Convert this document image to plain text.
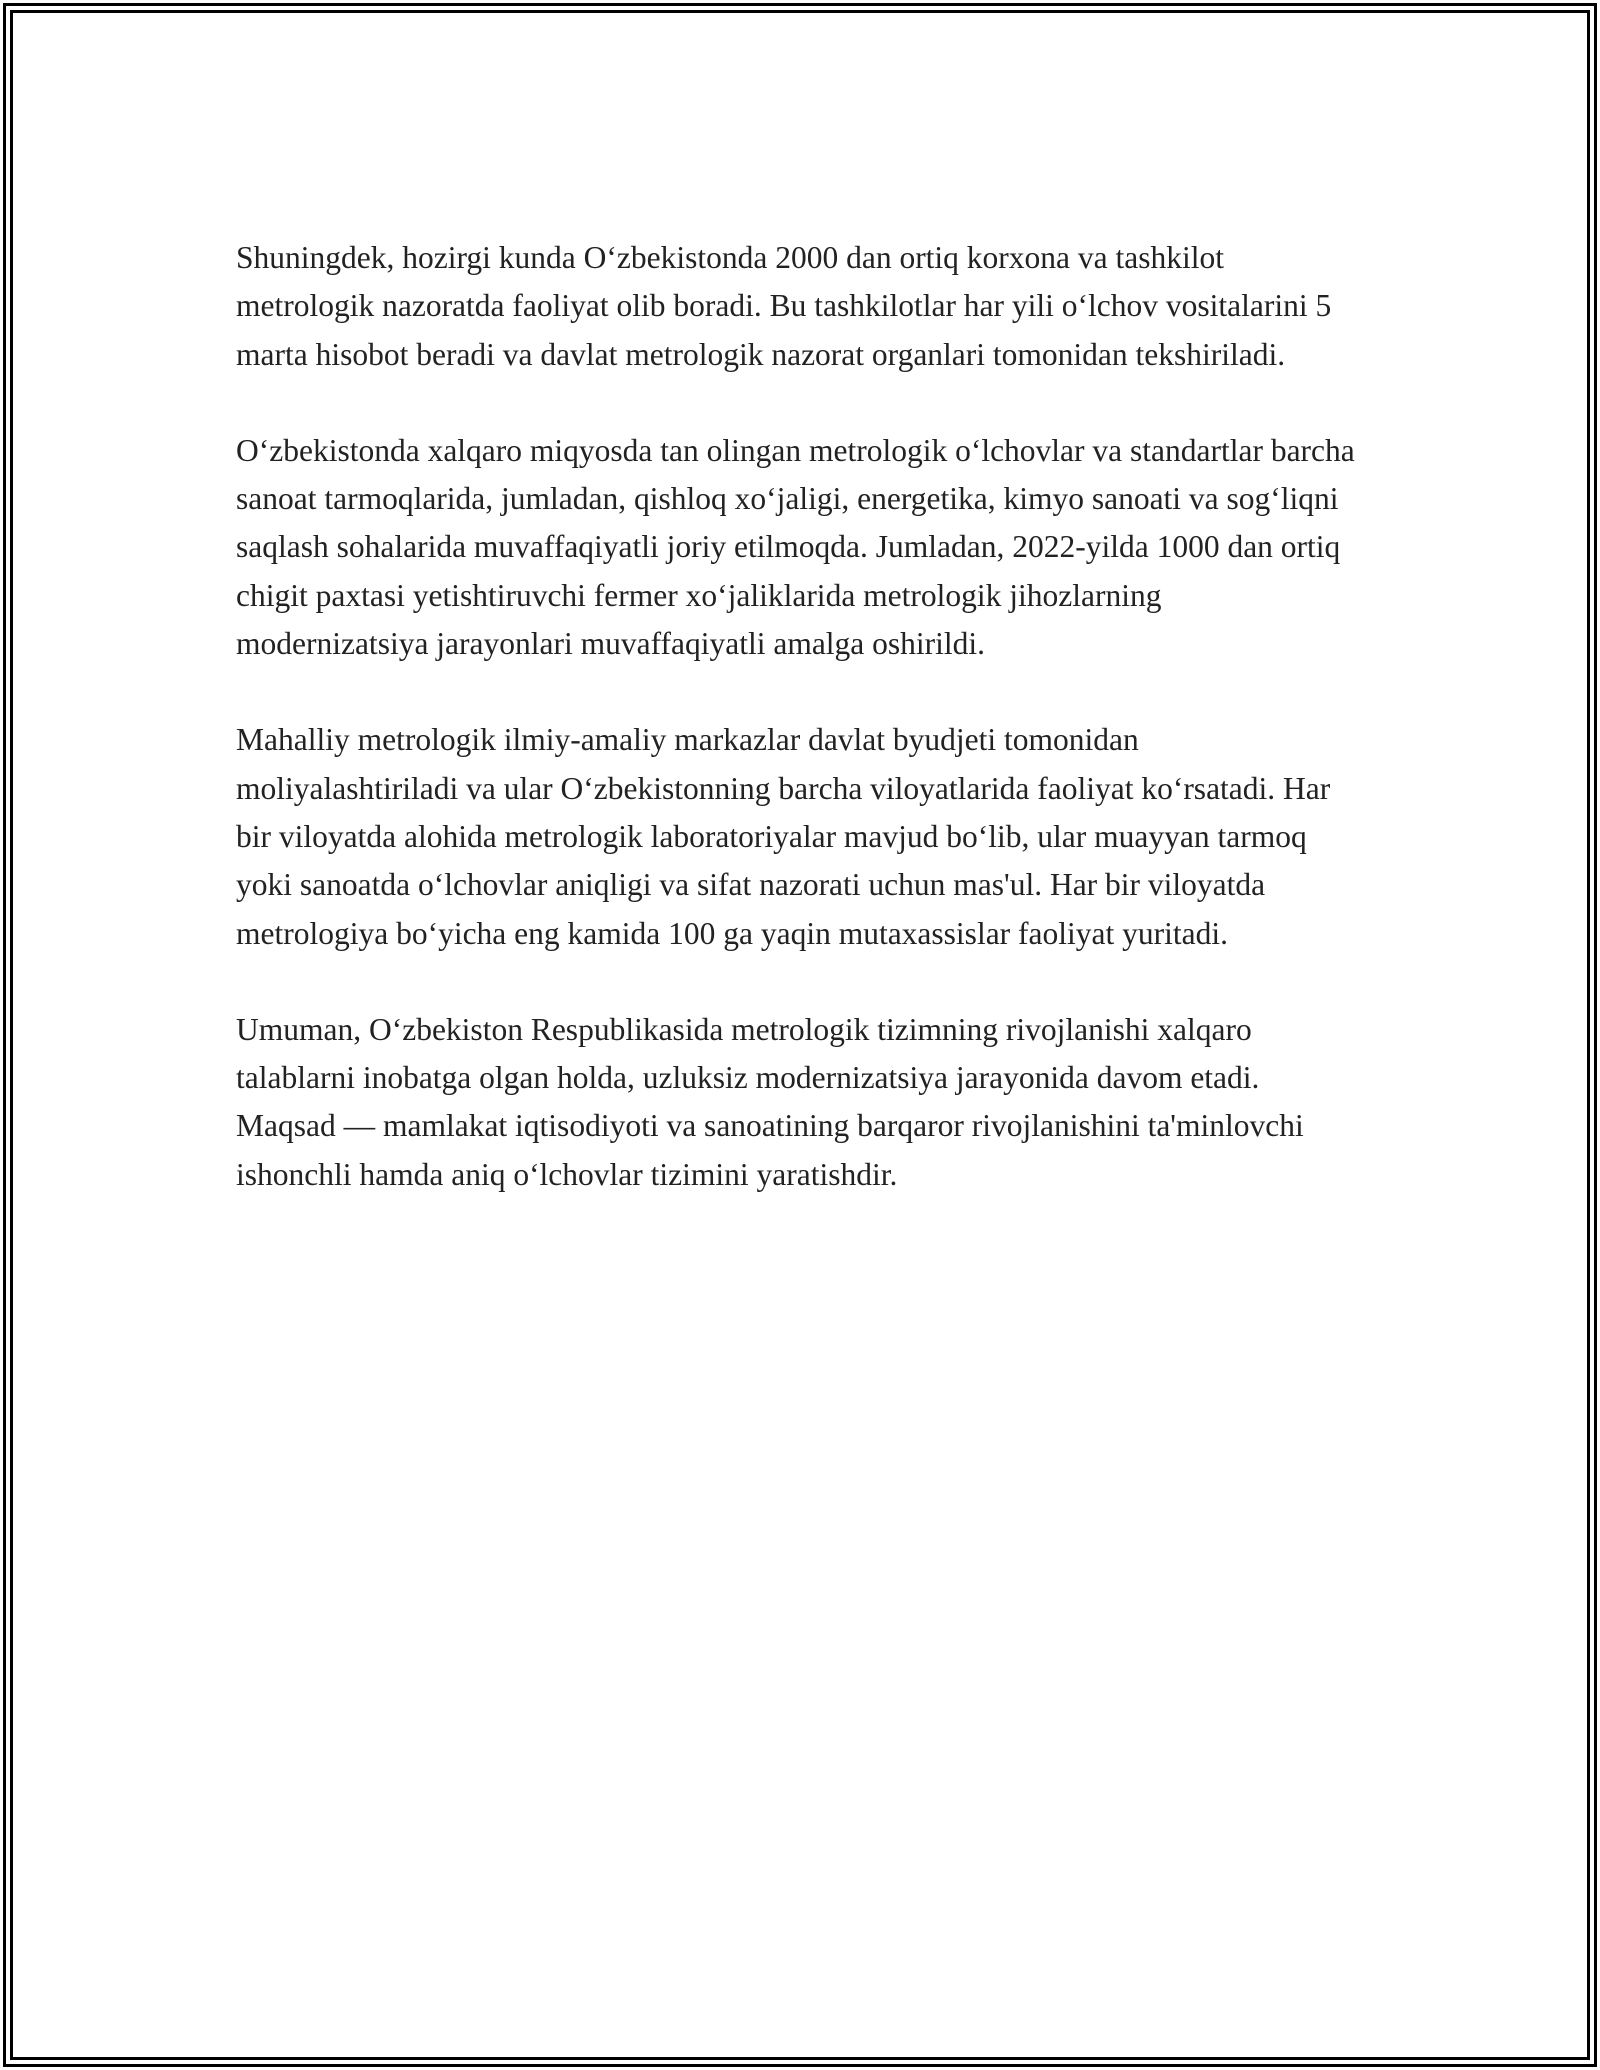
Shuningdek, hozirgi kunda O‘zbekistonda 2000 dan ortiq korxona va tashkilot metrologik nazoratda faoliyat olib boradi. Bu tashkilotlar har yili o‘lchov vositalarini 5 marta hisobot beradi va davlat metrologik nazorat organlari tomonidan tekshiriladi.

O‘zbekistonda xalqaro miqyosda tan olingan metrologik o‘lchovlar va standartlar barcha sanoat tarmoqlarida, jumladan, qishloq xo‘jaligi, energetika, kimyo sanoati va sog‘liqni saqlash sohalarida muvaffaqiyatli joriy etilmoqda. Jumladan, 2022-yilda 1000 dan ortiq chigit paxtasi yetishtiruvchi fermer xo‘jaliklarida metrologik jihozlarning modernizatsiya jarayonlari muvaffaqiyatli amalga oshirildi.

Mahalliy metrologik ilmiy-amaliy markazlar davlat byudjeti tomonidan moliyalashtiriladi va ular O‘zbekistonning barcha viloyatlarida faoliyat ko‘rsatadi. Har bir viloyatda alohida metrologik laboratoriyalar mavjud bo‘lib, ular muayyan tarmoq yoki sanoatda o‘lchovlar aniqligi va sifat nazorati uchun mas'ul. Har bir viloyatda metrologiya bo‘yicha eng kamida 100 ga yaqin mutaxassislar faoliyat yuritadi.

Umuman, O‘zbekiston Respublikasida metrologik tizimning rivojlanishi xalqaro talablarni inobatga olgan holda, uzluksiz modernizatsiya jarayonida davom etadi. Maqsad — mamlakat iqtisodiyoti va sanoatining barqaror rivojlanishini ta'minlovchi ishonchli hamda aniq o‘lchovlar tizimini yaratishdir.
